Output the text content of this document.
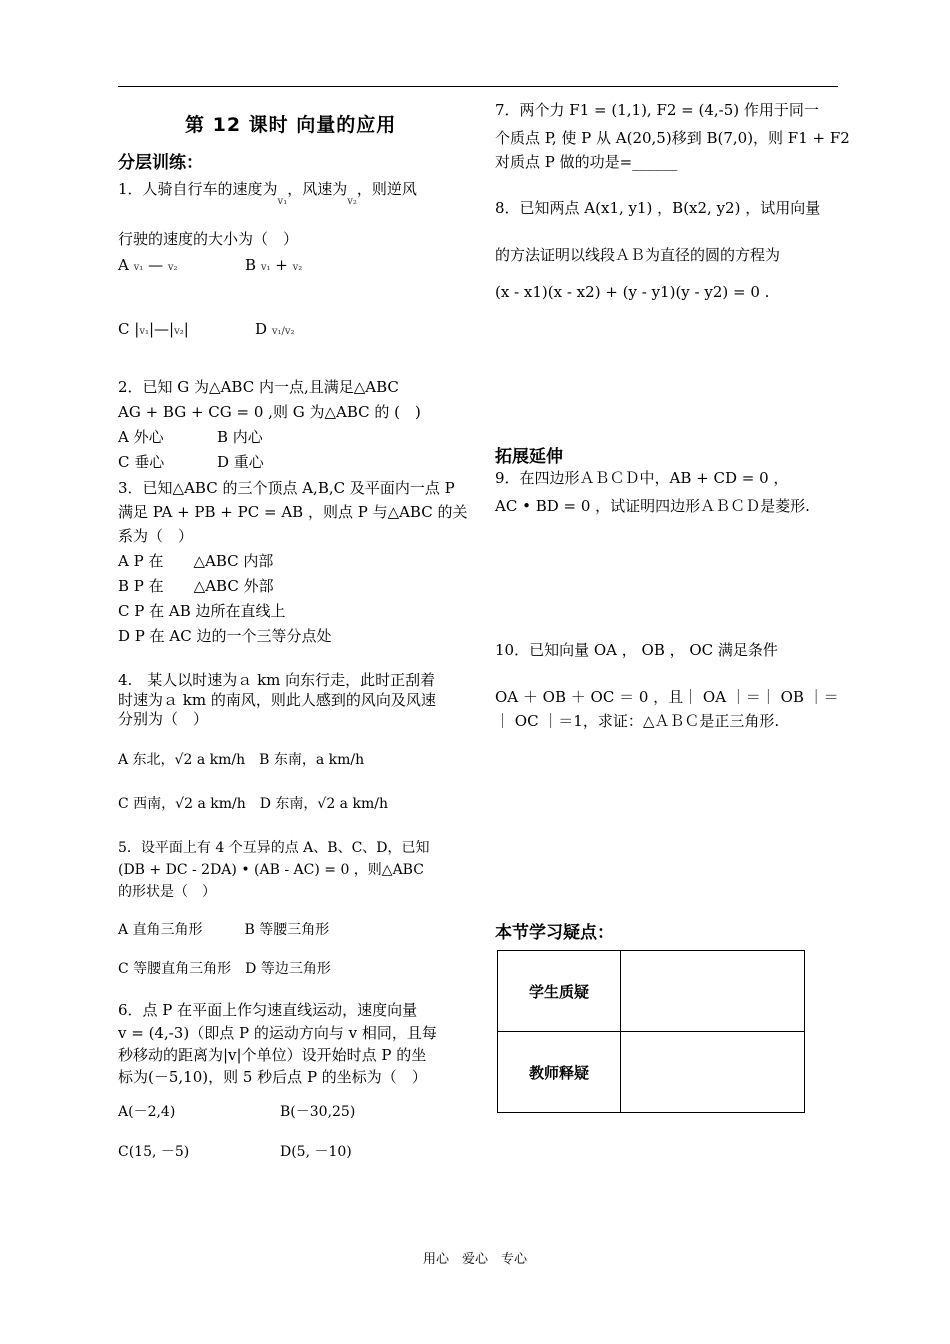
第 12 课时 向量的应用
分层训练：
1．人骑自行车的速度为$_{v_1}$，风速为$_{v_2}$，则逆风
行驶的速度的大小为（　）
A v₁ — v₂	B v₁ + v₂
C |v₁|—|v₂|	D v₁/v₂
2．已知 G 为△ABC 内一点,且满足△ABC
AG + BG + CG = 0 ,则 G 为△ABC 的 (　)
A 外心	B 内心
C 垂心	D 重心
3．已知△ABC 的三个顶点 A,B,C 及平面内一点 P
满足 PA + PB + PC = AB ，则点 P 与△ABC 的关
系为（　）
A P 在　　△ABC 内部
B P 在　　△ABC 外部
C P 在 AB 边所在直线上
D P 在 AC 边的一个三等分点处
4.　某人以时速为ａ km 向东行走，此时正刮着
时速为ａ km 的南风，则此人感到的风向及风速
分别为（　）
A 东北，√2 a km/h　B 东南，a km/h
C 西南，√2 a km/h　D 东南，√2 a km/h
5．设平面上有 4 个互异的点 A、B、C、D，已知
(DB + DC - 2DA) • (AB - AC) = 0 ，则△ABC
的形状是（　）
A 直角三角形　　　B 等腰三角形
C 等腰直角三角形　D 等边三角形
6．点 P 在平面上作匀速直线运动，速度向量
v = (4,-3)（即点 P 的运动方向与 v 相同，且每
秒移动的距离为|v|个单位）设开始时点 P 的坐
标为(－5,10)，则 5 秒后点 P 的坐标为（　）
A(－2,4)	B(－30,25)
C(15, －5)	D(5, －10)
7．两个力 F1 = (1,1), F2 = (4,-5) 作用于同一
个质点 P, 使 P 从 A(20,5)移到 B(7,0)，则 F1 + F2
对质点 P 做的功是=______
8．已知两点 A(x1, y1) ，B(x2, y2) ，试用向量
的方法证明以线段ＡＢ为直径的圆的方程为
(x - x1)(x - x2) + (y - y1)(y - y2) = 0 .
拓展延伸
9．在四边形ＡＢＣＤ中，AB + CD = 0 ，
AC • BD = 0 ，试证明四边形ＡＢＣＤ是菱形.
10．已知向量 OA ， OB ， OC 满足条件
OA ＋ OB ＋ OC ＝ 0 ，且｜ OA ｜＝｜ OB ｜＝
｜ OC ｜＝1，求证：△ＡＢＣ是正三角形.
本节学习疑点：
学生质疑	
教师释疑	
用心　爱心　专心
